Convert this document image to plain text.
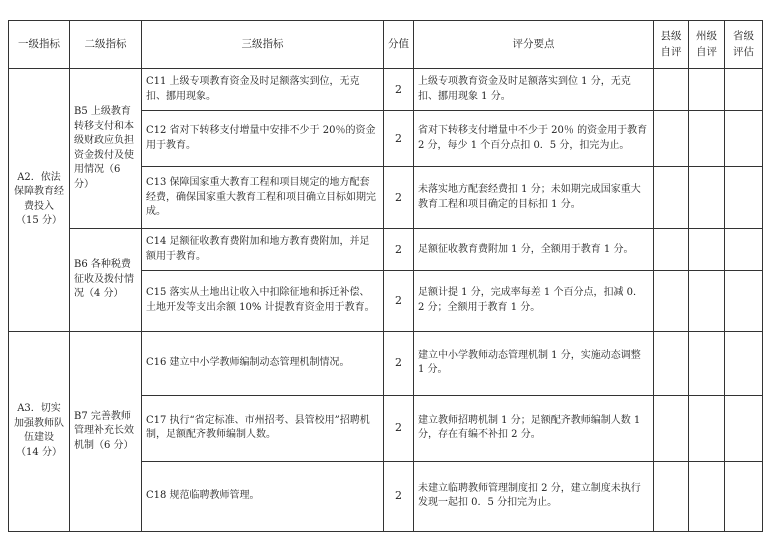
一级指标	二级指标	三级指标	分值	评分要点	县级自评	州级自评	省级评估
A2．依法保障教育经费投入（15 分）	B5 上级教育转移支付和本级财政应负担资金拨付及使用情况（6 分）	C11 上级专项教育资金及时足额落实到位，无克扣、挪用现象。	2	上级专项教育资金及时足额落实到位 1 分，无克扣、挪用现象 1 分。			
		C12 省对下转移支付增量中安排不少于 20％的资金用于教育。	2	省对下转移支付增量中不少于 20％ 的资金用于教育 2 分，每少 1 个百分点扣 0．5 分，扣完为止。			
		C13 保障国家重大教育工程和项目规定的地方配套经费，确保国家重大教育工程和项目确立目标如期完成。	2	未落实地方配套经费扣 1 分；未如期完成国家重大教育工程和项目确定的目标扣 1 分。			
	B6 各种税费征收及拨付情况（4 分）	C14 足额征收教育费附加和地方教育费附加，并足额用于教育。	2	足额征收教育费附加 1 分，全额用于教育 1 分。			
		C15 落实从土地出让收入中扣除征地和拆迁补偿、土地开发等支出余额 10% 计提教育资金用于教育。	2	足额计提 1 分，完成率每差 1 个百分点，扣减 0．2 分；全额用于教育 1 分。			
A3．切实加强教师队伍建设（14 分）	B7 完善教师管理补充长效机制（6 分）	C16 建立中小学教师编制动态管理机制情况。	2	建立中小学教师动态管理机制 1 分，实施动态调整 1 分。			
		C17 执行“省定标准、市州招考、县管校用”招聘机制，足额配齐教师编制人数。	2	建立教师招聘机制 1 分；足额配齐教师编制人数 1 分，存在有编不补扣 2 分。			
		C18 规范临聘教师管理。	2	未建立临聘教师管理制度扣 2 分，建立制度未执行发现一起扣 0．5 分扣完为止。			
